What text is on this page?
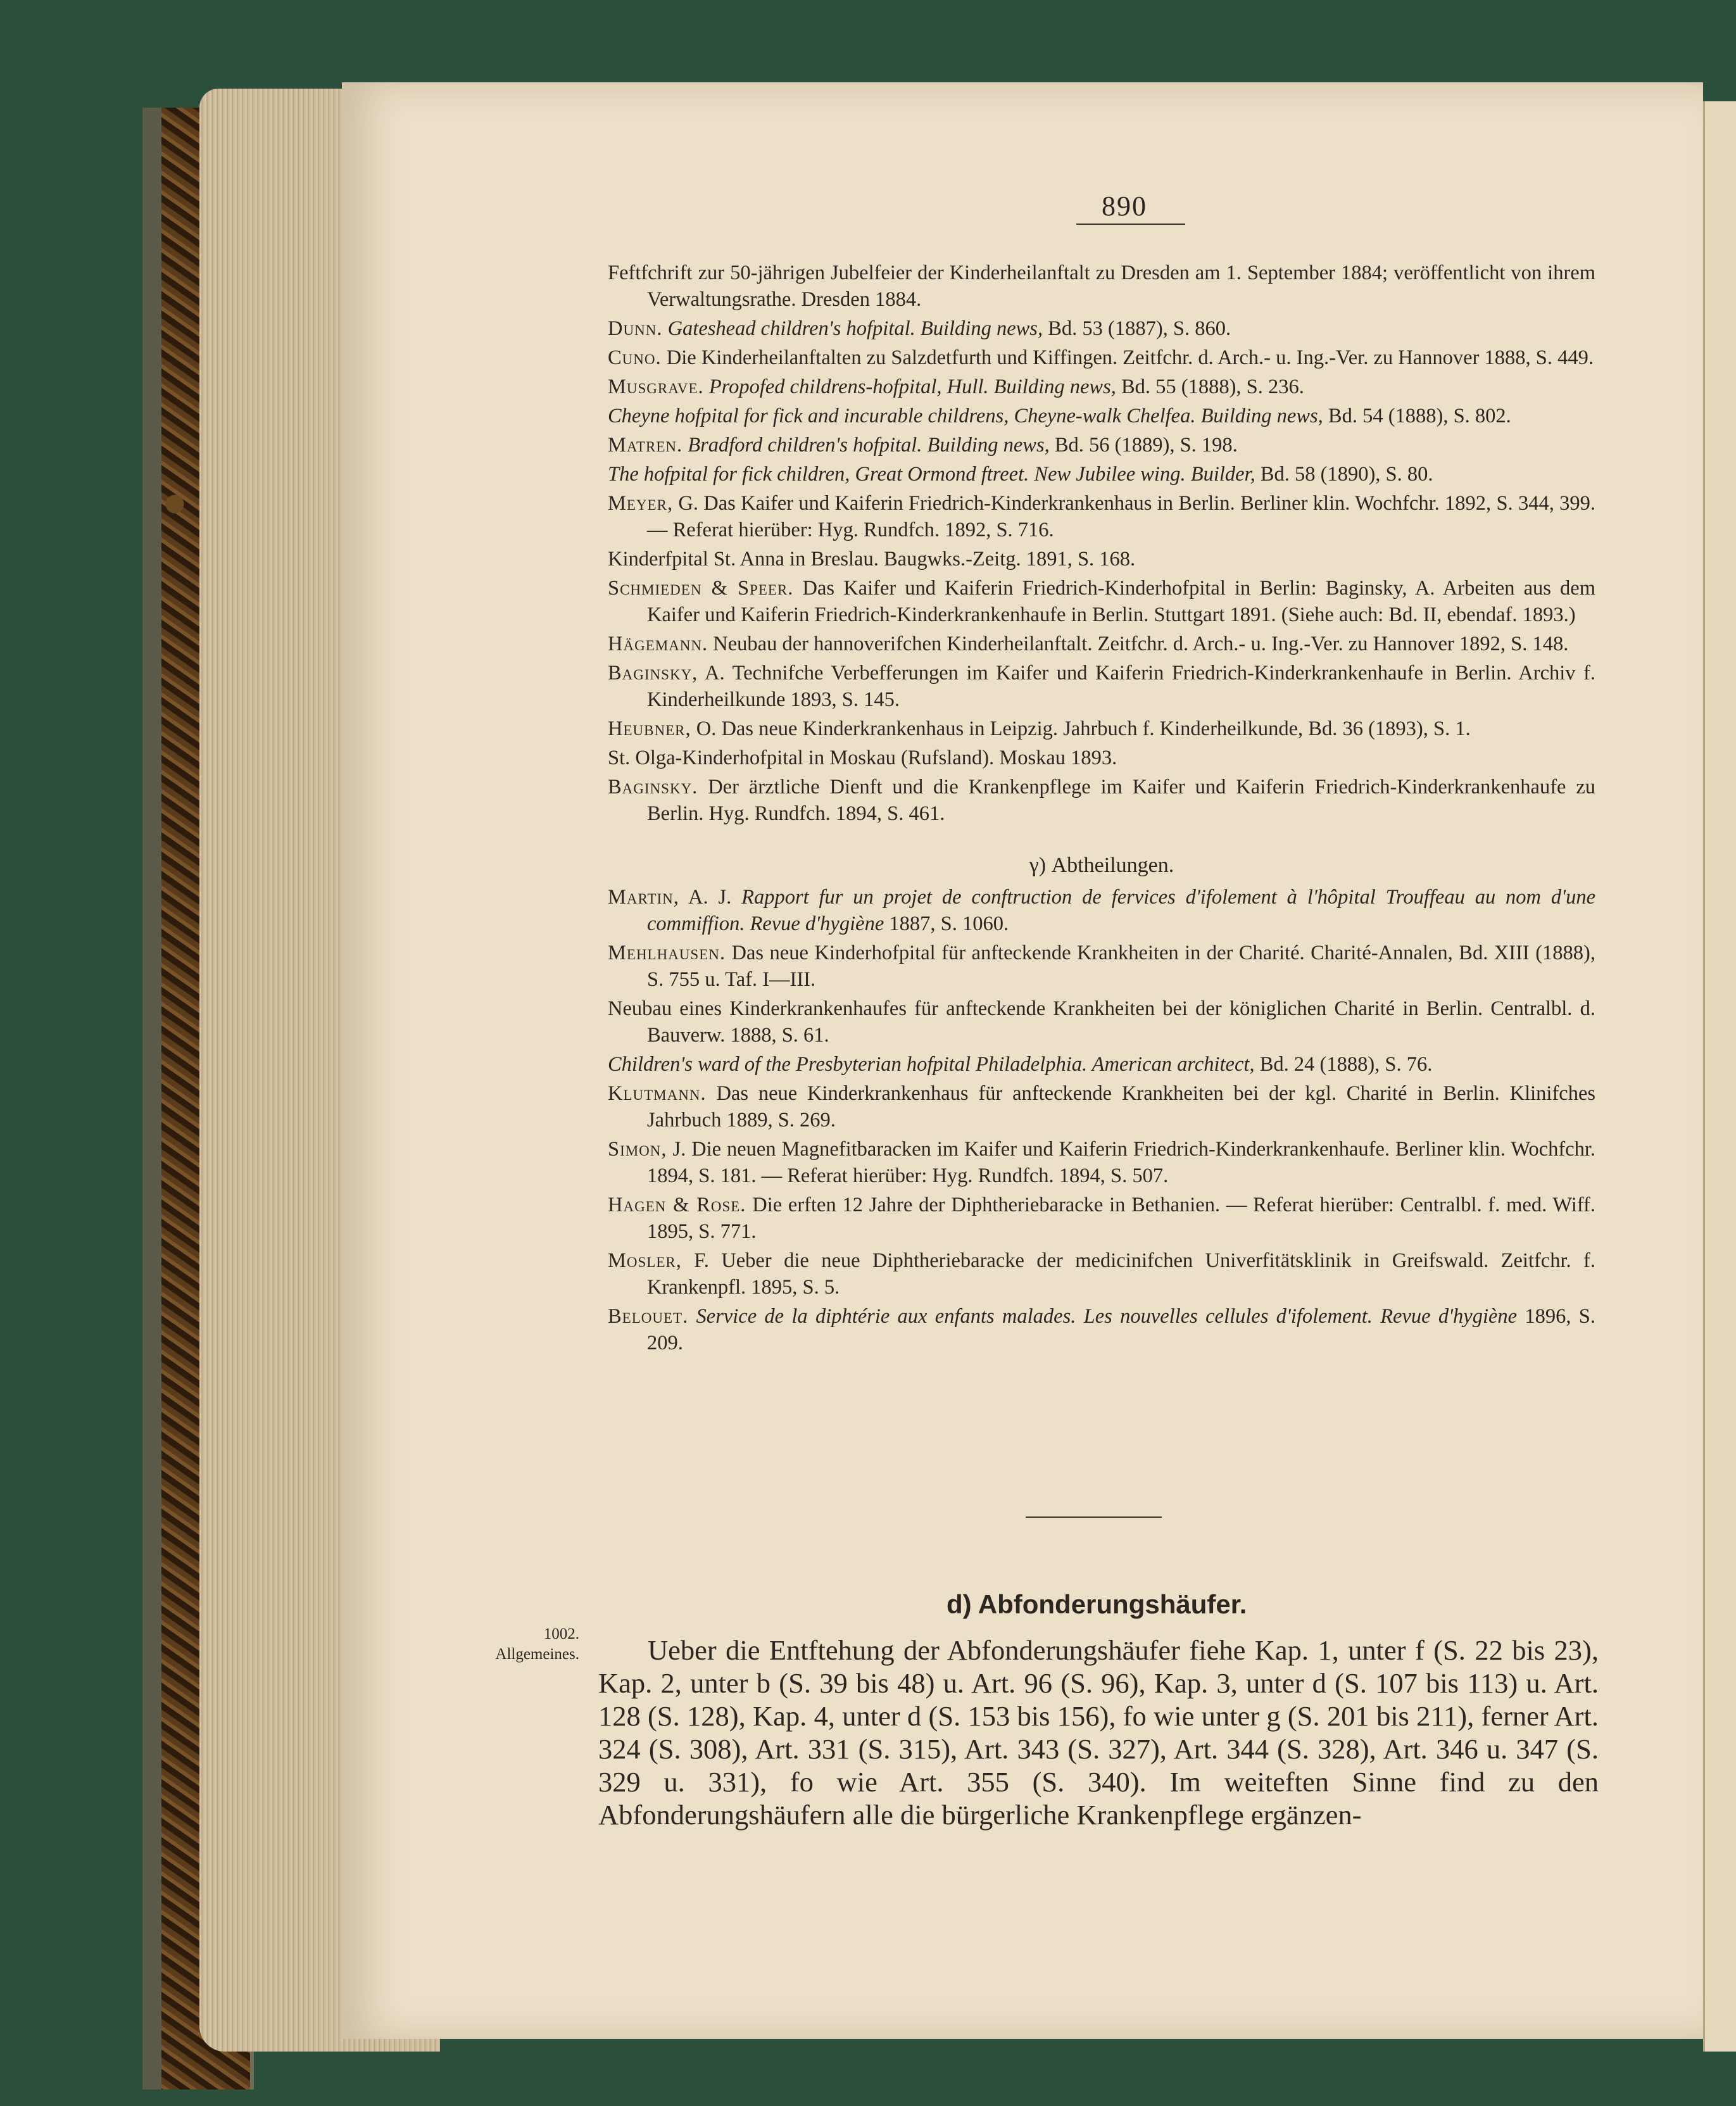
890
Feftfchrift zur 50-jährigen Jubelfeier der Kinderheilanftalt zu Dresden am 1. September 1884; veröffentlicht von ihrem Verwaltungsrathe. Dresden 1884.
Dunn. Gateshead children's hofpital. Building news, Bd. 53 (1887), S. 860.
Cuno. Die Kinderheilanftalten zu Salzdetfurth und Kiffingen. Zeitfchr. d. Arch.- u. Ing.-Ver. zu Hannover 1888, S. 449.
Musgrave. Propofed childrens-hofpital, Hull. Building news, Bd. 55 (1888), S. 236.
Cheyne hofpital for fick and incurable childrens, Cheyne-walk Chelfea. Building news, Bd. 54 (1888), S. 802.
Matren. Bradford children's hofpital. Building news, Bd. 56 (1889), S. 198.
The hofpital for fick children, Great Ormond ftreet. New Jubilee wing. Builder, Bd. 58 (1890), S. 80.
Meyer, G. Das Kaifer und Kaiferin Friedrich-Kinderkrankenhaus in Berlin. Berliner klin. Wochfchr. 1892, S. 344, 399. — Referat hierüber: Hyg. Rundfch. 1892, S. 716.
Kinderfpital St. Anna in Breslau. Baugwks.-Zeitg. 1891, S. 168.
Schmieden & Speer. Das Kaifer und Kaiferin Friedrich-Kinderhofpital in Berlin: Baginsky, A. Arbeiten aus dem Kaifer und Kaiferin Friedrich-Kinderkrankenhaufe in Berlin. Stuttgart 1891. (Siehe auch: Bd. II, ebendaf. 1893.)
Hägemann. Neubau der hannoverifchen Kinderheilanftalt. Zeitfchr. d. Arch.- u. Ing.-Ver. zu Hannover 1892, S. 148.
Baginsky, A. Technifche Verbefferungen im Kaifer und Kaiferin Friedrich-Kinderkrankenhaufe in Berlin. Archiv f. Kinderheilkunde 1893, S. 145.
Heubner, O. Das neue Kinderkrankenhaus in Leipzig. Jahrbuch f. Kinderheilkunde, Bd. 36 (1893), S. 1.
St. Olga-Kinderhofpital in Moskau (Rufsland). Moskau 1893.
Baginsky. Der ärztliche Dienft und die Krankenpflege im Kaifer und Kaiferin Friedrich-Kinderkrankenhaufe zu Berlin. Hyg. Rundfch. 1894, S. 461.
γ) Abtheilungen.
Martin, A. J. Rapport fur un projet de conftruction de fervices d'ifolement à l'hôpital Trouffeau au nom d'une commiffion. Revue d'hygiène 1887, S. 1060.
Mehlhausen. Das neue Kinderhofpital für anfteckende Krankheiten in der Charité. Charité-Annalen, Bd. XIII (1888), S. 755 u. Taf. I—III.
Neubau eines Kinderkrankenhaufes für anfteckende Krankheiten bei der königlichen Charité in Berlin. Centralbl. d. Bauverw. 1888, S. 61.
Children's ward of the Presbyterian hofpital Philadelphia. American architect, Bd. 24 (1888), S. 76.
Klutmann. Das neue Kinderkrankenhaus für anfteckende Krankheiten bei der kgl. Charité in Berlin. Klinifches Jahrbuch 1889, S. 269.
Simon, J. Die neuen Magnefitbaracken im Kaifer und Kaiferin Friedrich-Kinderkrankenhaufe. Berliner klin. Wochfchr. 1894, S. 181. — Referat hierüber: Hyg. Rundfch. 1894, S. 507.
Hagen & Rose. Die erften 12 Jahre der Diphtheriebaracke in Bethanien. — Referat hierüber: Centralbl. f. med. Wiff. 1895, S. 771.
Mosler, F. Ueber die neue Diphtheriebaracke der medicinifchen Univerfitätsklinik in Greifswald. Zeitfchr. f. Krankenpfl. 1895, S. 5.
Belouet. Service de la diphtérie aux enfants malades. Les nouvelles cellules d'ifolement. Revue d'hygiène 1896, S. 209.
d) Abfonderungshäufer.
1002.
Allgemeines.	Ueber die Entftehung der Abfonderungshäufer fiehe Kap. 1, unter f (S. 22 bis 23), Kap. 2, unter b (S. 39 bis 48) u. Art. 96 (S. 96), Kap. 3, unter d (S. 107 bis 113) u. Art. 128 (S. 128), Kap. 4, unter d (S. 153 bis 156), fo wie unter g (S. 201 bis 211), ferner Art. 324 (S. 308), Art. 331 (S. 315), Art. 343 (S. 327), Art. 344 (S. 328), Art. 346 u. 347 (S. 329 u. 331), fo wie Art. 355 (S. 340). Im weiteften Sinne find zu den Abfonderungshäufern alle die bürgerliche Krankenpflege ergänzen-
